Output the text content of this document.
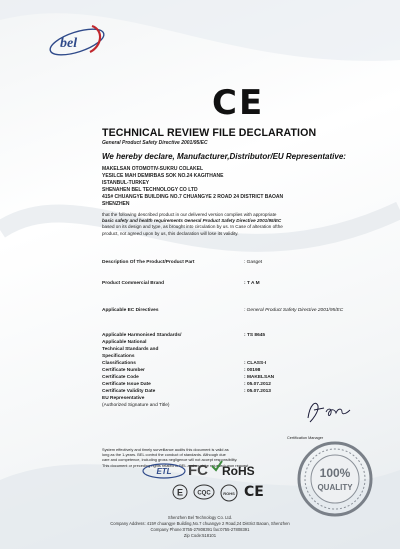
bel
CE
TECHNICAL REVIEW FILE DECLARATION
General Product Safety Directive 2001/95/EC
We hereby declare, Manufacturer,Distributor/EU Representative:
MAKELSAN OTOMOTIV-SUKRU COLAKEL
YESILCE MAH DEMIRBAS SOK NO.24 KAGITHANE
ISTANBUL-TURKEY
SHENAHEN BEL TECHNOLOGY CO LTD
415# CHUANGYE BUILDING NO.7 CHUANGYE 2 ROAD 24 DISTRICT BAOAN
SHENZHEN
that the following described product in our delivered version complies with appropriate
basic safety and health requirements General Product Safety Directive 2001/95/EC
based on its design and type, as brought into circulation by us. In Case of alteration ofthe
product, not agreed upon by us, this declaration will lose its validity.
Description Of The Product/Product Part	: Gasget
Product Commercial Brand	: T A M
Applicable EC Directives	: General Product Safety Directive 2001/95/EC
Applicable Harmonised Standards/
Applicable National
Technical Standards and
Specifications
: TS 8645
Classifications	: CLASS-I
Certificate Number	: 00198
Certificate Code	: MAKELSAN
Certificate Issue Date	: 05.07.2012
Certificate Validity Date	: 05.07.2013
EU Representative
(Authorized Signature and Title)
Certification Manager
System effectively and timely surveillance audits this document is valid as
long as the 1-years. BEL control the conduct of standards. Although due
care and competence, including gross negligence will not accept responsibility.
This document or preceding rights related to BEL and must be returned upon request
100%
QUALITY
ETL FC RoHS
E CQC	ROHS CE
Shenzhen Bel Technology Co. Ltd.
Company Address: 415# chuangye Building,No.7 chuangye 2 Road,24 District Baoan, Shenzhen
Company Phone:0755-27808391 fax:0755-27808391
Zip Code:518101
